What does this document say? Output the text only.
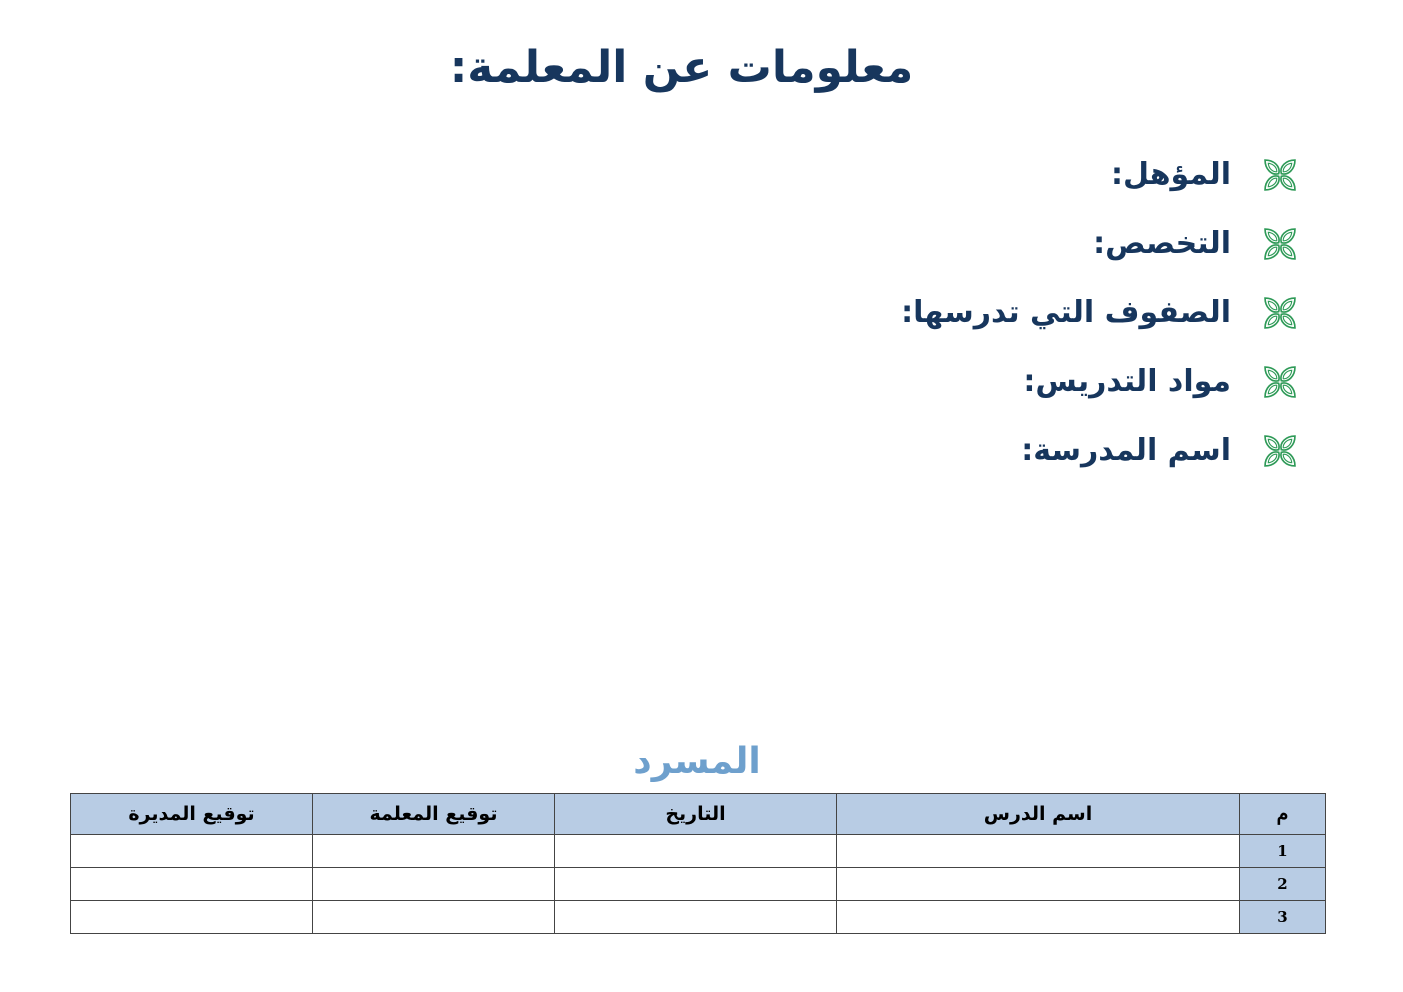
معلومات عن المعلمة:
المؤهل:
التخصص:
الصفوف التي تدرسها:
مواد التدريس:
اسم المدرسة:
المسرد
م	اسم الدرس	التاريخ	توقيع المعلمة	توقيع المديرة
1				
2				
3				
